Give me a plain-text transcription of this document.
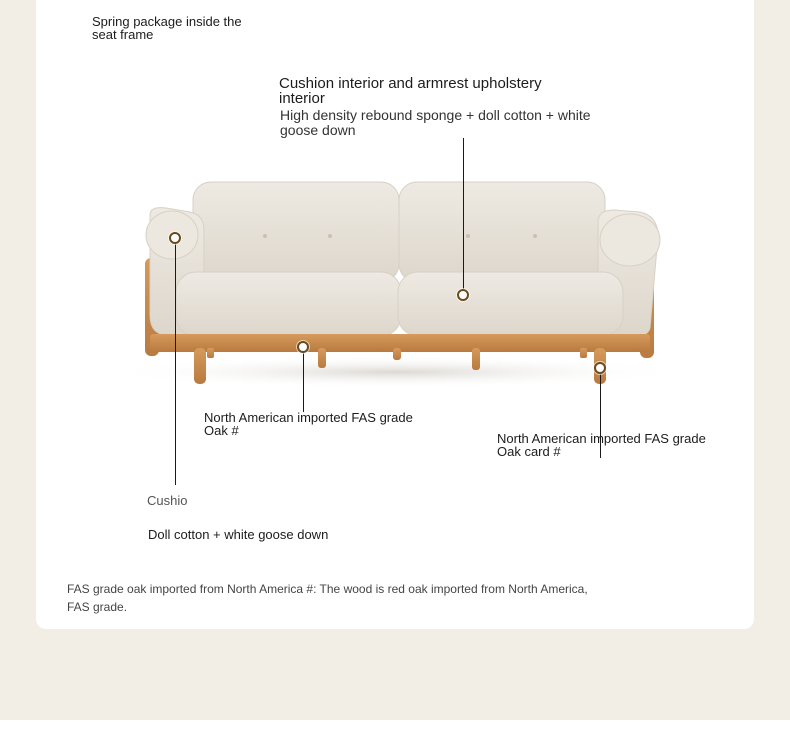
Spring package inside the
seat frame
Cushion interior and armrest upholstery
interior
High density rebound sponge + doll cotton + white
goose down
North American imported FAS grade
Oak #
North American imported FAS grade
Oak card #
Cushio
Doll cotton + white goose down
FAS grade oak imported from North America #: The wood is red oak imported from North America,
FAS grade.
